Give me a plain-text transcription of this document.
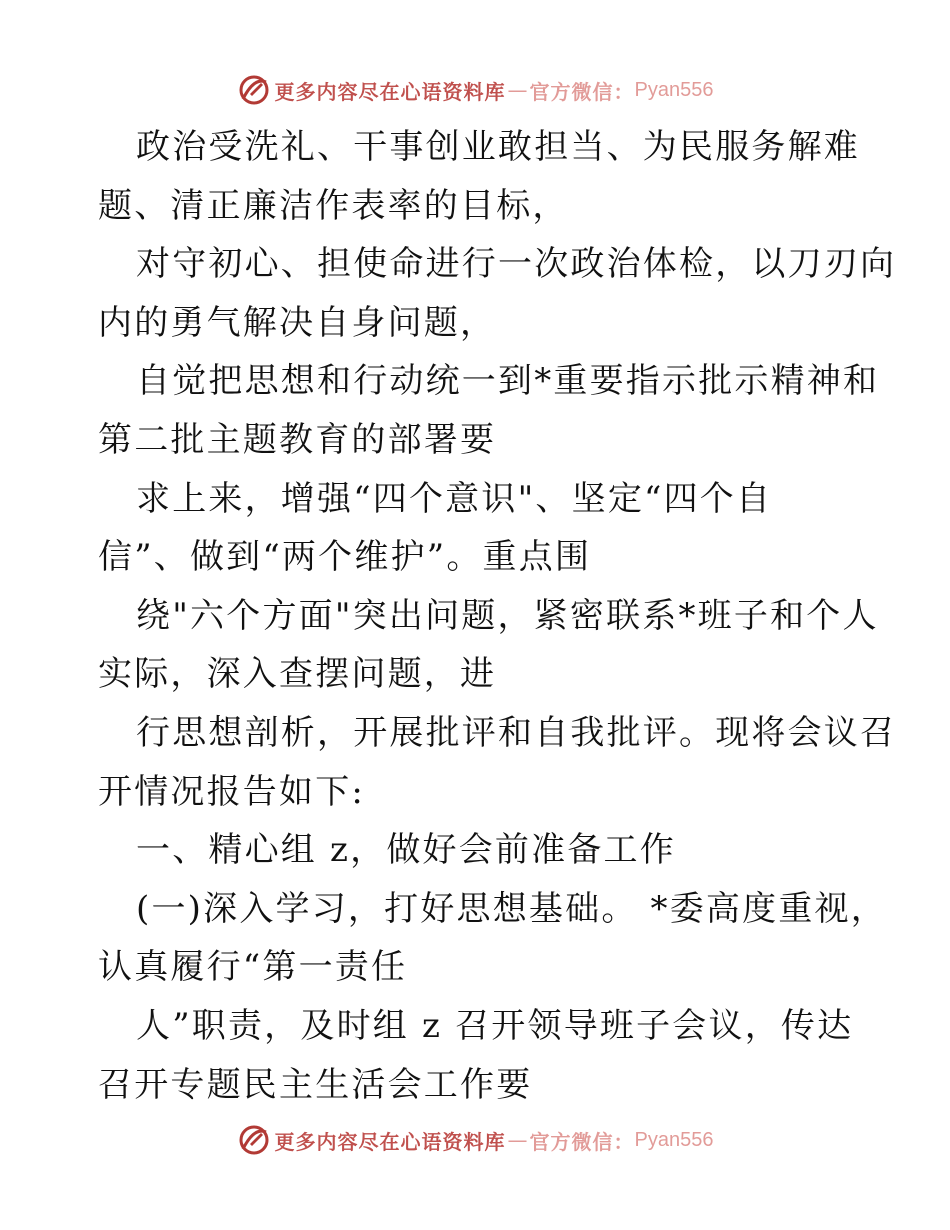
更多内容尽在心语资料库 — 官方微信： Pyan556
政治受洗礼、干事创业敢担当、为民服务解难
题、清正廉洁作表率的目标，
对守初心、担使命进行一次政治体检，以刀刃向
内的勇气解决自身问题，
自觉把思想和行动统一到*重要指示批示精神和
第二批主题教育的部署要
求上来，增强“四个意识"、坚定“四个自
信”、做到“两个维护”。重点围
绕"六个方面"突出问题，紧密联系*班子和个人
实际，深入查摆问题，进
行思想剖析，开展批评和自我批评。现将会议召
开情况报告如下:
一、精心组 z，做好会前准备工作
(一)深入学习，打好思想基础。 *委高度重视，
认真履行“第一责任
人”职责，及时组 z 召开领导班子会议，传达
召开专题民主生活会工作要
更多内容尽在心语资料库 — 官方微信： Pyan556
